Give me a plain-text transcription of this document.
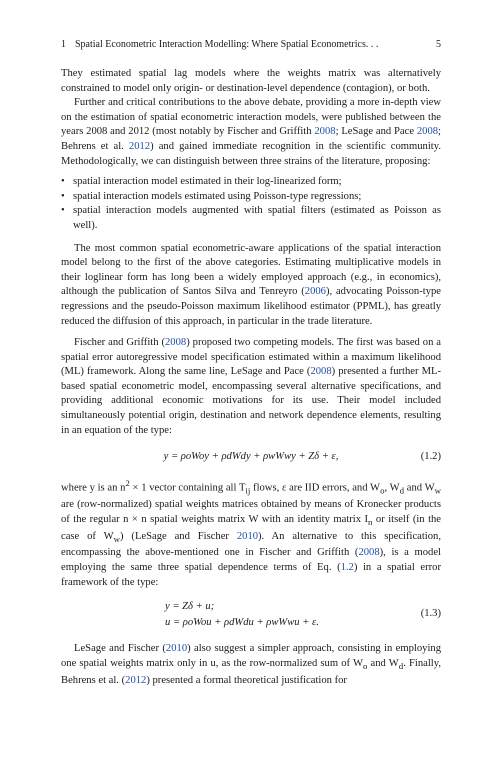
1 Spatial Econometric Interaction Modelling: Where Spatial Econometrics. . .	5

They estimated spatial lag models where the weights matrix was alternatively constrained to model only origin- or destination-level dependence (contagion), or both.

Further and critical contributions to the above debate, providing a more in-depth view on the estimation of spatial econometric interaction models, were published between the years 2008 and 2012 (most notably by Fischer and Griffith 2008; LeSage and Pace 2008; Behrens et al. 2012) and gained immediate recognition in the scientific community. Methodologically, we can distinguish between three strains of the literature, proposing:

• spatial interaction model estimated in their log-linearized form;
• spatial interaction models estimated using Poisson-type regressions;
• spatial interaction models augmented with spatial filters (estimated as Poisson as well).

The most common spatial econometric-aware applications of the spatial interaction model belong to the first of the above categories. Estimating multiplicative models in their loglinear form has long been a widely employed approach (e.g., in economics), although the publication of Santos Silva and Tenreyro (2006), advocating Poisson-type regressions and the pseudo-Poisson maximum likelihood estimator (PPML), has greatly reduced the diffusion of this approach, in particular in the trade literature.

Fischer and Griffith (2008) proposed two competing models. The first was based on a spatial error autoregressive model specification estimated within a maximum likelihood (ML) framework. Along the same line, LeSage and Pace (2008) presented a further ML-based spatial econometric model, encompassing several alternative specifications, and providing additional economic motivations for its use. Their model included simultaneously potential origin, destination and network dependence elements, resulting in an equation of the type:

y = ρoWoy + ρdWdy + ρwWwy + Zδ + ε,	(1.2)

where y is an $n^2 \times 1$ vector containing all $T_{ij}$ flows, ε are IID errors, and $W_o$, $W_d$ and $W_w$ are (row-normalized) spatial weights matrices obtained by means of Kronecker products of the regular n × n spatial weights matrix W with an identity matrix $I_n$ or itself (in the case of $W_w$) (LeSage and Fischer 2010). An alternative to this specification, encompassing the above-mentioned one in Fischer and Griffith (2008), is a model employing the same three spatial dependence terms of Eq. (1.2) in a spatial error framework of the type:

y = Zδ + u;
u = ρoWou + ρdWdu + ρwWwu + ε.
(1.3)

LeSage and Fischer (2010) also suggest a simpler approach, consisting in employing one spatial weights matrix only in u, as the row-normalized sum of $W_o$ and $W_d$. Finally, Behrens et al. (2012) presented a formal theoretical justification for
